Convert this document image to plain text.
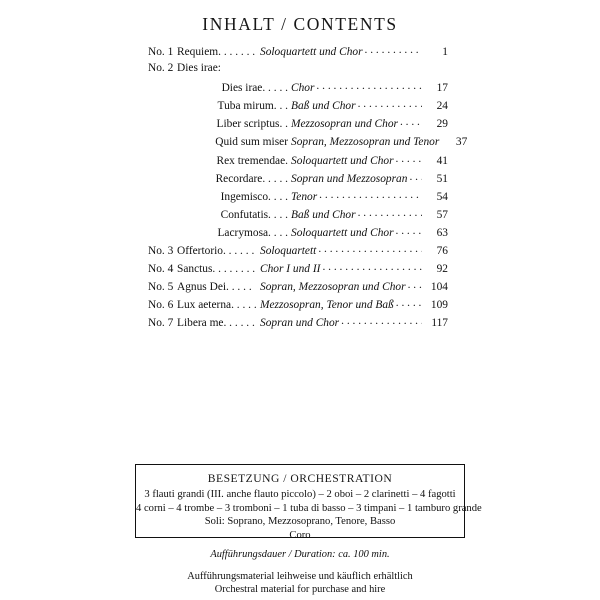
INHALT / CONTENTS
No. 1 Requiem. . . . . . . Soloquartett und Chor . . .	1
No. 2 Dies irae:
Dies irae. . . . . Chor . . .	17
Tuba mirum. . . Baß und Chor . . .	24
Liber scriptus. . Mezzosopran und Chor . . .	29
Quid sum miser Sopran, Mezzosopran und Tenor	37
Rex tremendae. Soloquartett und Chor . . .	41
Recordare. . . . . Sopran und Mezzosopran . . .	51
Ingemisco. . . . Tenor . . .	54
Confutatis. . . . Baß und Chor . . .	57
Lacrymosa. . . . Soloquartett und Chor . . .	63
No. 3 Offertorio. . . . . . Soloquartett . . .	76
No. 4 Sanctus. . . . . . . . Chor I und II . . .	92
No. 5 Agnus Dei. . . . . Sopran, Mezzosopran und Chor . . .	104
No. 6 Lux aeterna. . . . . Mezzosopran, Tenor und Baß . . .	109
No. 7 Libera me. . . . . . Sopran und Chor . . .	117
BESETZUNG / ORCHESTRATION
3 flauti grandi (III. anche flauto piccolo) – 2 oboi – 2 clarinetti – 4 fagotti
4 corni – 4 trombe – 3 tromboni – 1 tuba di basso – 3 timpani – 1 tamburo grande
Soli: Soprano, Mezzosoprano, Tenore, Basso
Coro
Aufführungsdauer / Duration: ca. 100 min.
Aufführungsmaterial leihweise und käuflich erhältlich
Orchestral material for purchase and hire
